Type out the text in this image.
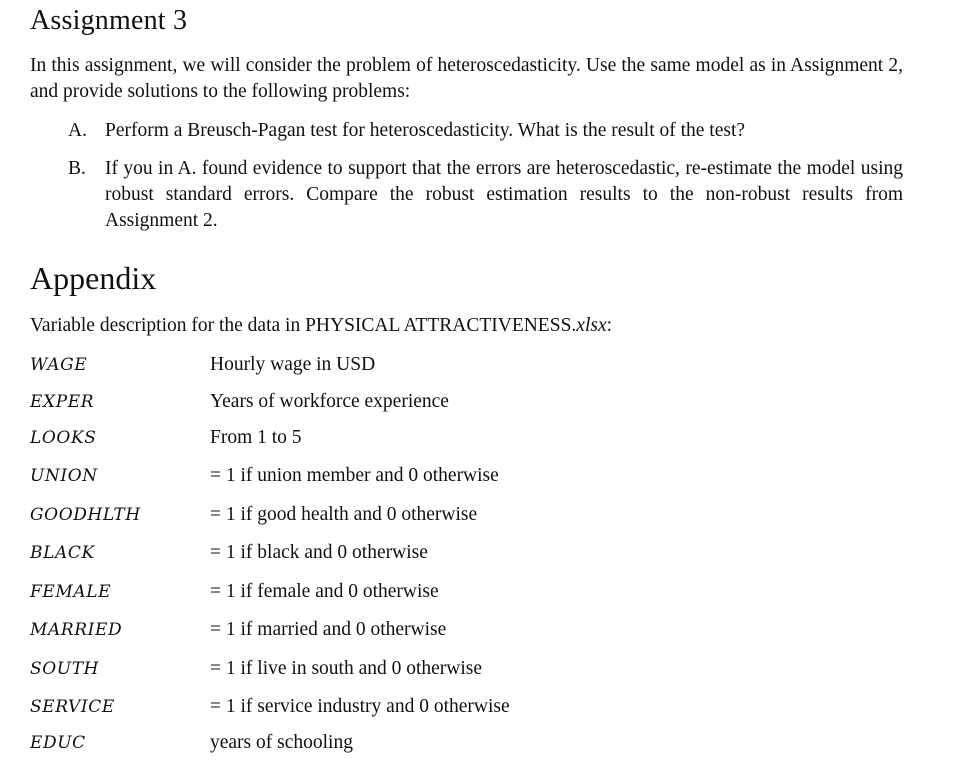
Assignment 3

In this assignment, we will consider the problem of heteroscedasticity. Use the same model as in Assignment 2, and provide solutions to the following problems:

A. Perform a Breusch-Pagan test for heteroscedasticity. What is the result of the test?
B. If you in A. found evidence to support that the errors are heteroscedastic, re-estimate the model using robust standard errors. Compare the robust estimation results to the non-robust results from Assignment 2.
Appendix

Variable description for the data in PHYSICAL ATTRACTIVENESS.xlsx:

WAGE	Hourly wage in USD
EXPER	Years of workforce experience
LOOKS	From 1 to 5
UNION	= 1 if union member and 0 otherwise
GOODHLTH	= 1 if good health and 0 otherwise
BLACK	= 1 if black and 0 otherwise
FEMALE	= 1 if female and 0 otherwise
MARRIED	= 1 if married and 0 otherwise
SOUTH	= 1 if live in south and 0 otherwise
SERVICE	= 1 if service industry and 0 otherwise
EDUC	years of schooling
